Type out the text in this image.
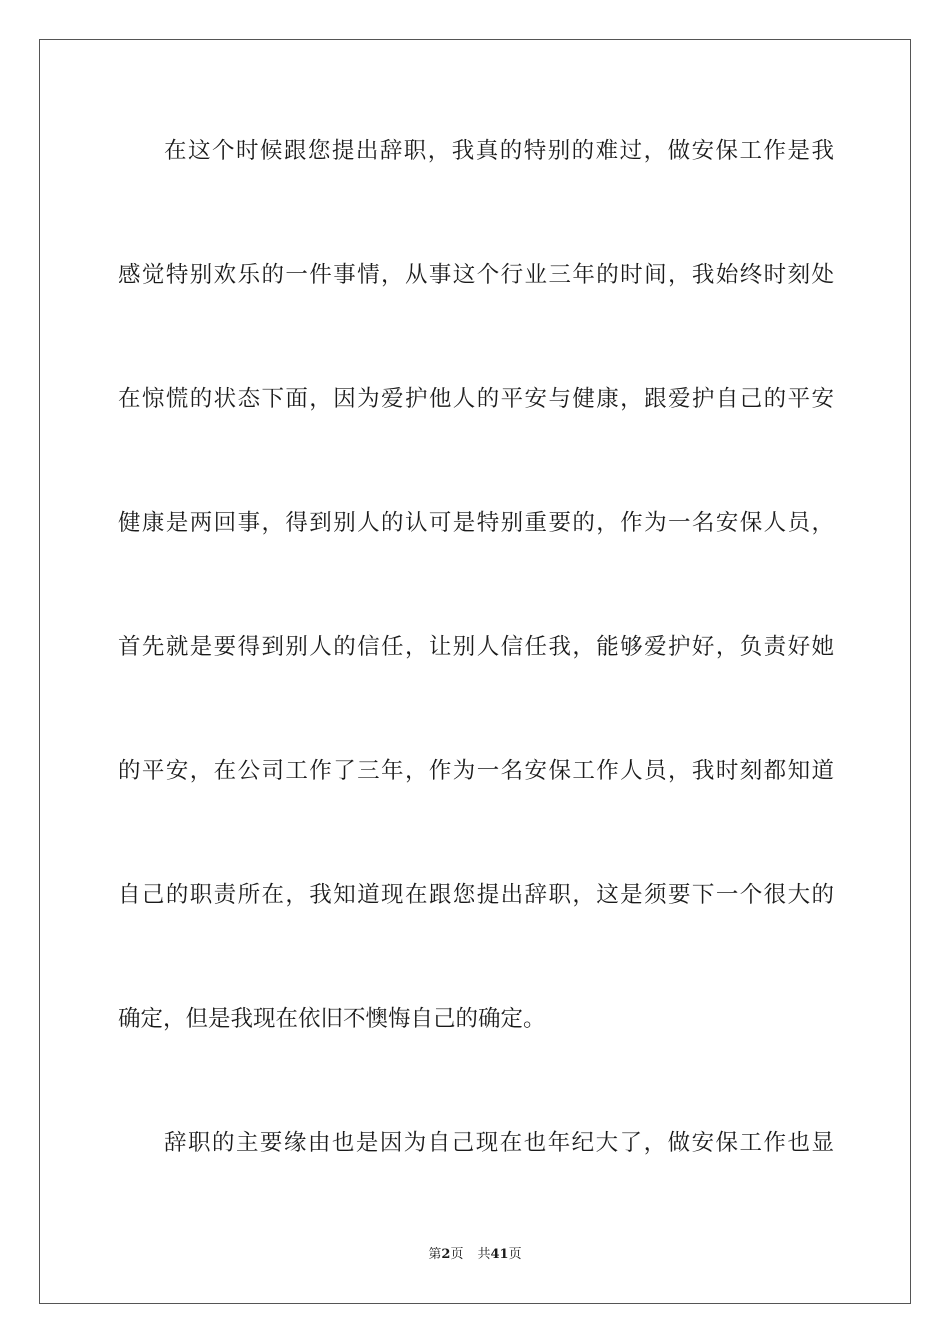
在这个时候跟您提出辞职，我真的特别的难过，做安保工作是我
感觉特别欢乐的一件事情，从事这个行业三年的时间，我始终时刻处
在惊慌的状态下面，因为爱护他人的平安与健康，跟爱护自己的平安
健康是两回事，得到别人的认可是特别重要的，作为一名安保人员，
首先就是要得到别人的信任，让别人信任我，能够爱护好，负责好她
的平安，在公司工作了三年，作为一名安保工作人员，我时刻都知道
自己的职责所在，我知道现在跟您提出辞职，这是须要下一个很大的
确定，但是我现在依旧不懊悔自己的确定。
辞职的主要缘由也是因为自己现在也年纪大了，做安保工作也显
第2页 共41页
